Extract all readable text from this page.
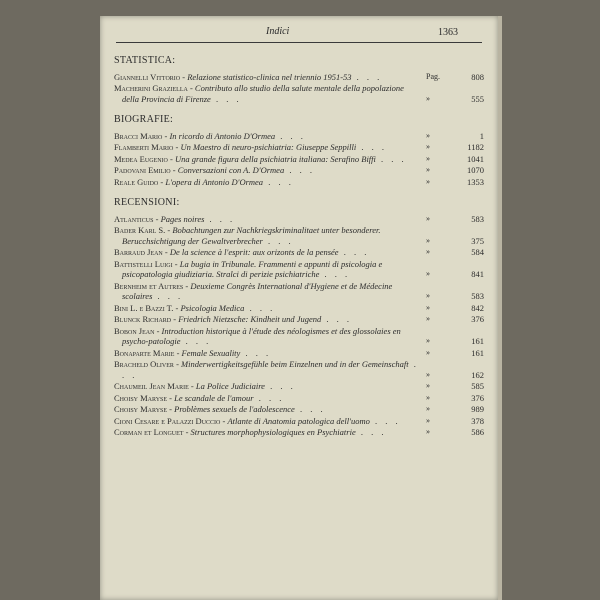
Indici	1363
STATISTICA:
Giannelli Vittorio - Relazione statistico-clinica nel triennio 1951-53 . . .	Pag.	808
Macherini Graziella - Contributo allo studio della salute mentale della popolazione della Provincia di Firenze . . .	»	555
BIOGRAFIE:
Bracci Mario - In ricordo di Antonio D'Ormea . . .	»	1
Flamberti Mario - Un Maestro di neuro-psichiatria: Giuseppe Seppilli . . .	»	1182
Medea Eugenio - Una grande figura della psichiatria italiana: Serafino Biffi . . .	»	1041
Padovani Emilio - Conversazioni con A. D'Ormea . . .	»	1070
Reale Guido - L'opera di Antonio D'Ormea . . .	»	1353
RECENSIONI:
Atlanticus - Pages noires . . .	»	583
Bader Karl S. - Bobachtungen zur Nachkriegskriminalitaet unter besonderer. Berucchsichtigung der Gewaltverbrecher . . .	»	375
Barraud Jean - De la science à l'esprit: aux orizonts de la pensée . . .	»	584
Battistelli Luigi - La bugia in Tribunale. Frammenti e appunti di psicologia e psicopatologia giudiziaria. Stralci di perizie psichiatriche . . .	»	841
Bernheim et Autres - Deuxieme Congrès International d'Hygiene et de Médecine scolaires . . .	»	583
Bini L. e Bazzi T. - Psicologia Medica . . .	»	842
Blunck Richard - Friedrich Nietzsche: Kindheit und Jugend . . .	»	376
Bobon Jean - Introduction historique à l'étude des néologismes et des glossolaies en psycho-patologie . . .	»	161
Bonaparte Marie - Female Sexuality . . .	»	161
Bracheld Oliver - Minderwertigkeitsgefühle beim Einzelnen und in der Gemeinschaft . . .	»	162
Chaumeil Jean Marie - La Police Judiciaire . . .	»	585
Choisy Maryse - Le scandale de l'amour . . .	»	376
Choisy Maryse - Problèmes sexuels de l'adolescence . . .	»	989
Cioni Cesare e Palazzi Duccio - Atlante di Anatomia patologica dell'uomo . . .	»	378
Corman et Longuet - Structures morphophysiologiques en Psychiatrie . . .	»	586
